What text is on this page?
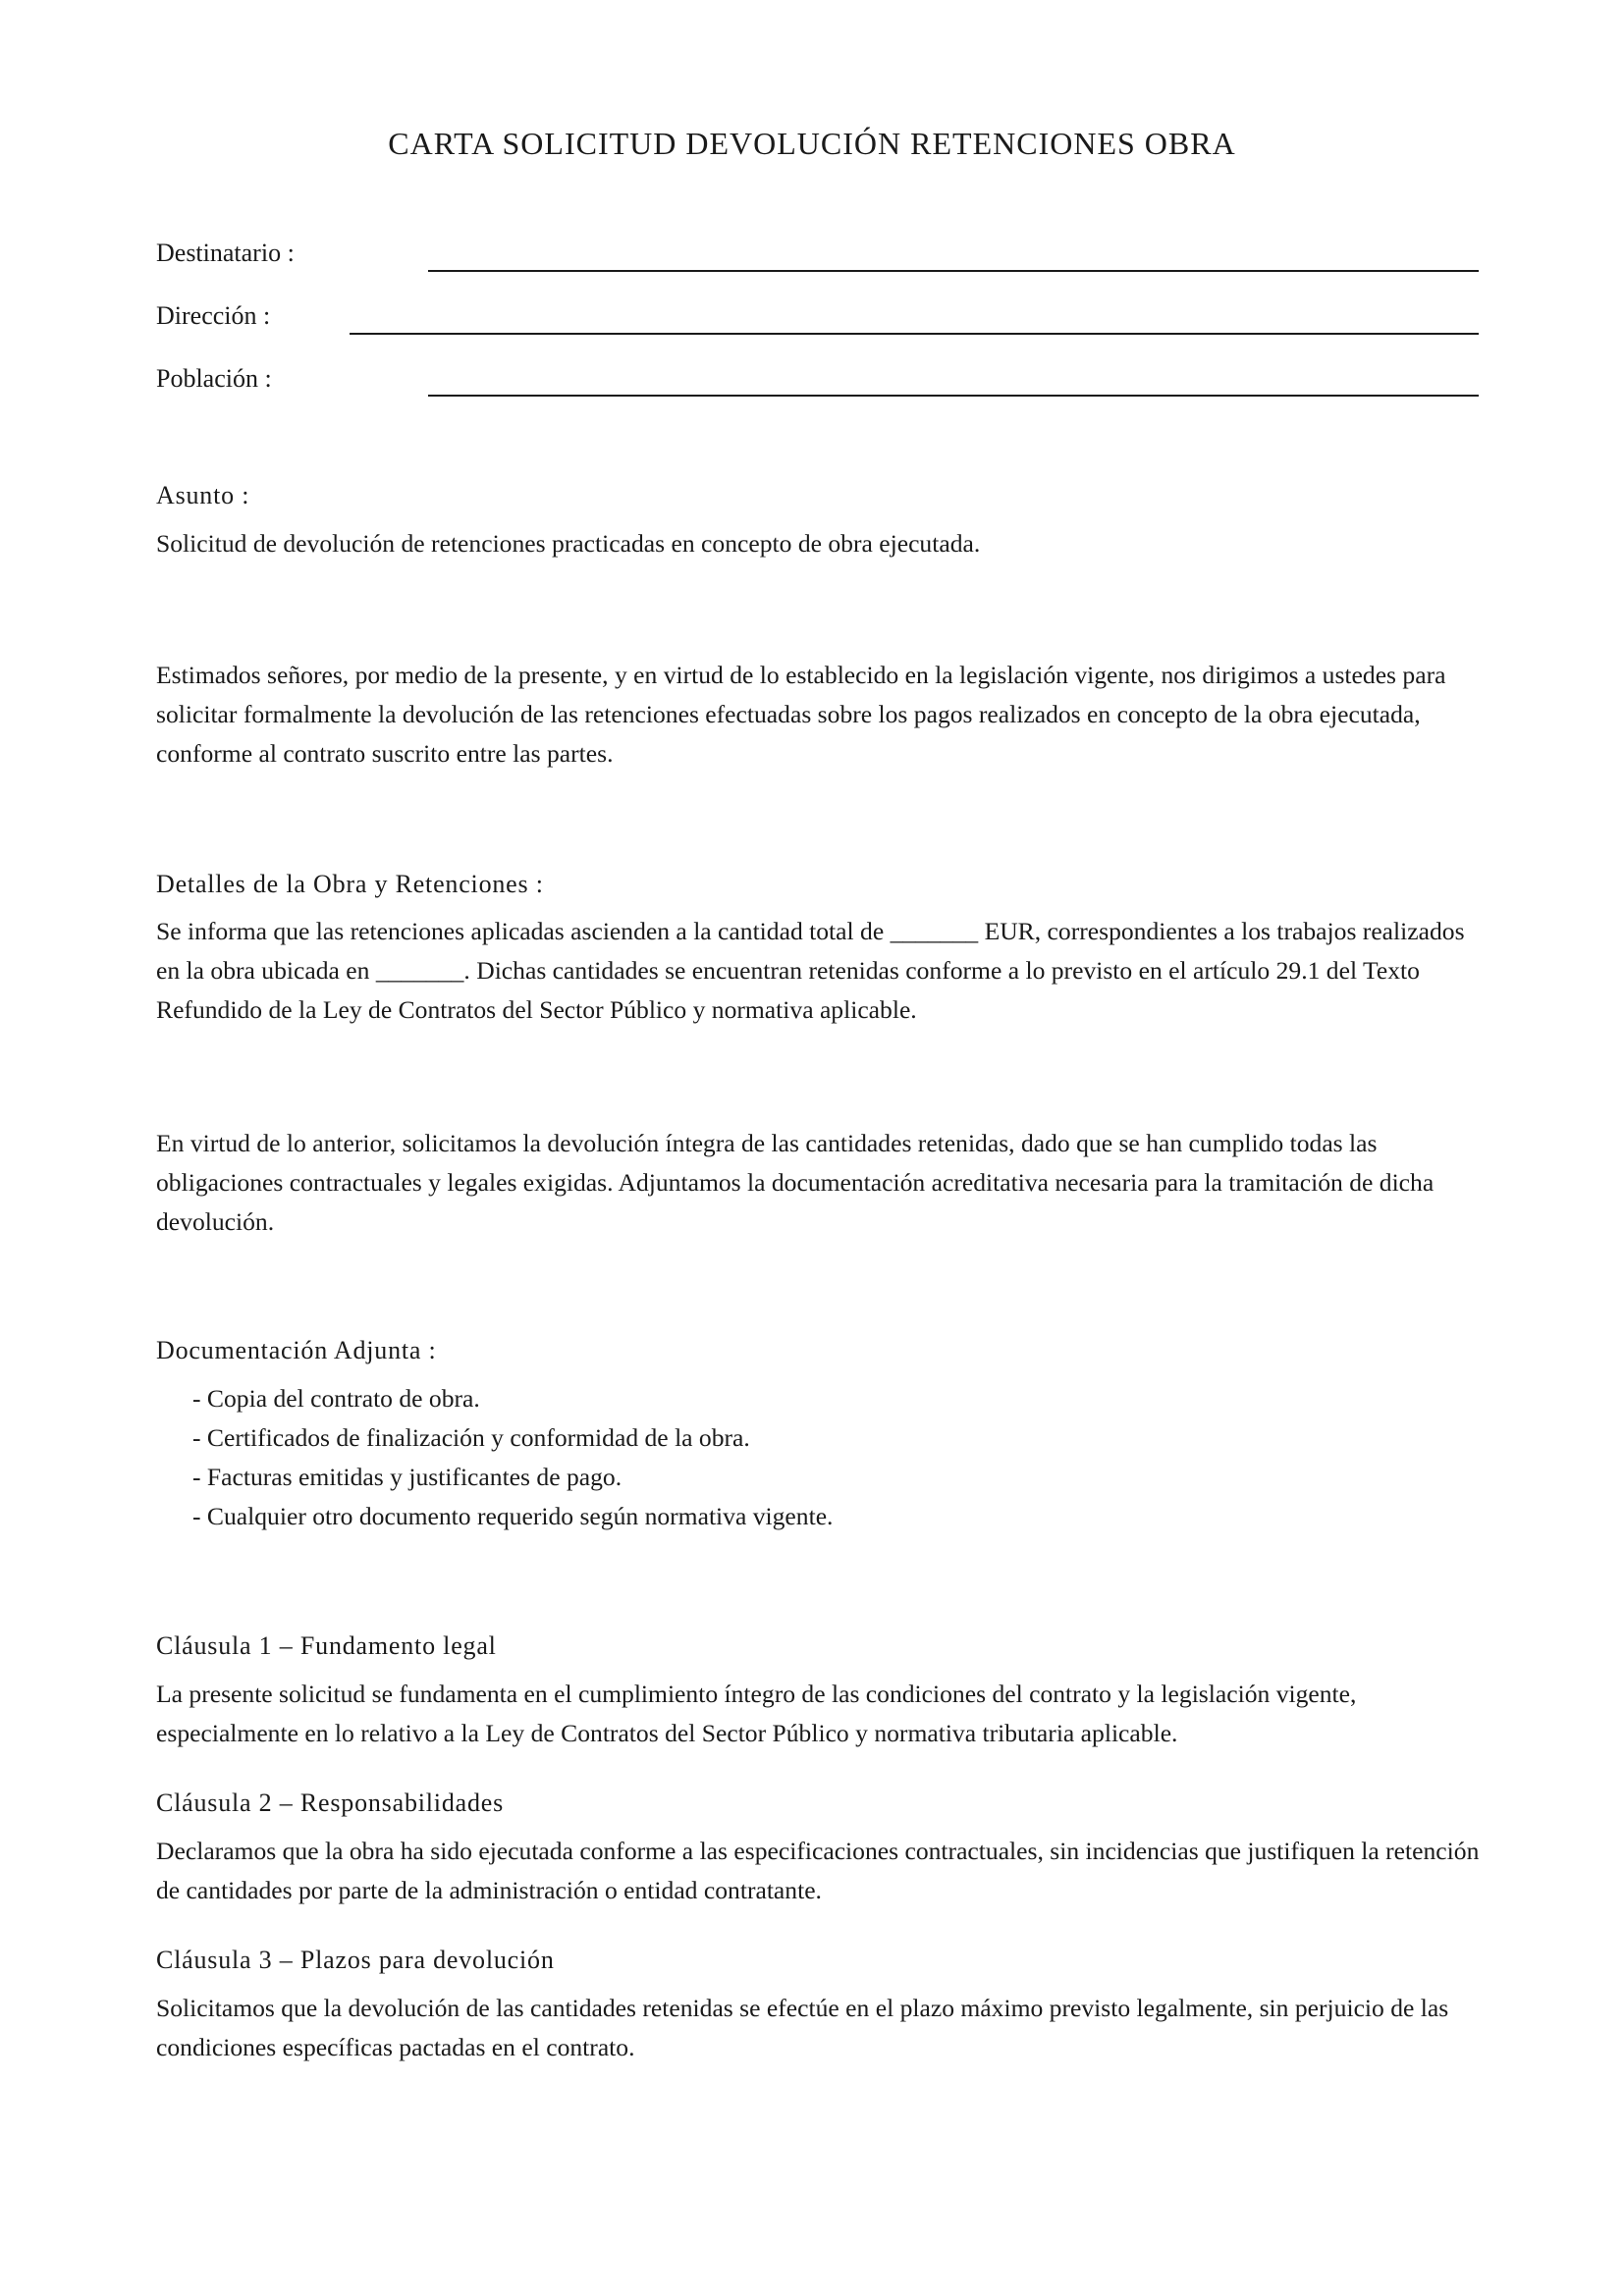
CARTA SOLICITUD DEVOLUCIÓN RETENCIONES OBRA
Destinatario :
Dirección :
Población :
Asunto :

Solicitud de devolución de retenciones practicadas en concepto de obra ejecutada.

Estimados señores, por medio de la presente, y en virtud de lo establecido en la legislación vigente, nos dirigimos a ustedes para solicitar formalmente la devolución de las retenciones efectuadas sobre los pagos realizados en concepto de la obra ejecutada, conforme al contrato suscrito entre las partes.

Detalles de la Obra y Retenciones :

Se informa que las retenciones aplicadas ascienden a la cantidad total de _______ EUR, correspondientes a los trabajos realizados en la obra ubicada en _______. Dichas cantidades se encuentran retenidas conforme a lo previsto en el artículo 29.1 del Texto Refundido de la Ley de Contratos del Sector Público y normativa aplicable.

En virtud de lo anterior, solicitamos la devolución íntegra de las cantidades retenidas, dado que se han cumplido todas las obligaciones contractuales y legales exigidas. Adjuntamos la documentación acreditativa necesaria para la tramitación de dicha devolución.

Documentación Adjunta :
- Copia del contrato de obra.
- Certificados de finalización y conformidad de la obra.
- Facturas emitidas y justificantes de pago.
- Cualquier otro documento requerido según normativa vigente.
Cláusula 1 – Fundamento legal

La presente solicitud se fundamenta en el cumplimiento íntegro de las condiciones del contrato y la legislación vigente, especialmente en lo relativo a la Ley de Contratos del Sector Público y normativa tributaria aplicable.

Cláusula 2 – Responsabilidades

Declaramos que la obra ha sido ejecutada conforme a las especificaciones contractuales, sin incidencias que justifiquen la retención de cantidades por parte de la administración o entidad contratante.

Cláusula 3 – Plazos para devolución

Solicitamos que la devolución de las cantidades retenidas se efectúe en el plazo máximo previsto legalmente, sin perjuicio de las condiciones específicas pactadas en el contrato.
